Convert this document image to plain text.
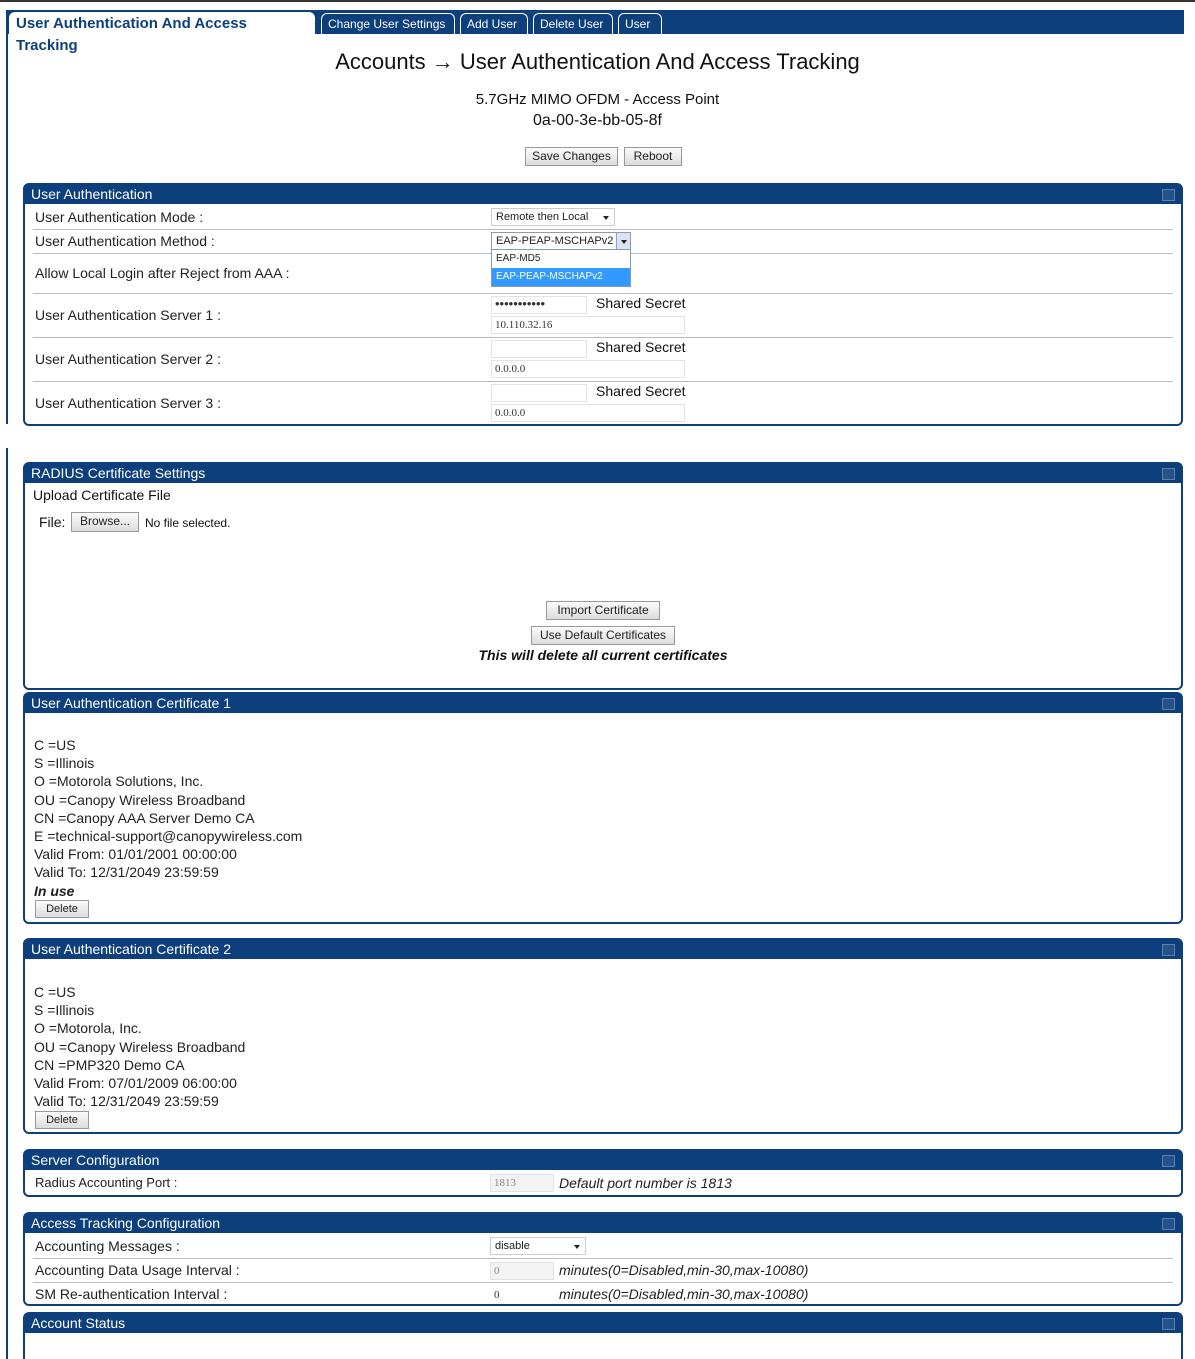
User Authentication And Access Tracking
Change User Settings	Add User	Delete User	User
Accounts → User Authentication And Access Tracking
5.7GHz MIMO OFDM - Access Point
0a-00-3e-bb-05-8f
Save Changes	Reboot
User Authentication
User Authentication Mode :	Remote then Local
User Authentication Method :	EAP-PEAP-MSCHAPv2
Allow Local Login after Reject from AAA :
EAP-MD5
EAP-PEAP-MSCHAPv2
User Authentication Server 1 :
•••••••••••	Shared Secret
10.110.32.16
User Authentication Server 2 :
Shared Secret
0.0.0.0
User Authentication Server 3 :
Shared Secret
0.0.0.0
RADIUS Certificate Settings
Upload Certificate File
File:	Browse...	No file selected.
Import Certificate
Use Default Certificates
This will delete all current certificates
User Authentication Certificate 1
C =US
S =Illinois
O =Motorola Solutions, Inc.
OU =Canopy Wireless Broadband
CN =Canopy AAA Server Demo CA
E =technical-support@canopywireless.com
Valid From: 01/01/2001 00:00:00
Valid To: 12/31/2049 23:59:59
In use
Delete
User Authentication Certificate 2
C =US
S =Illinois
O =Motorola, Inc.
OU =Canopy Wireless Broadband
CN =PMP320 Demo CA
Valid From: 07/01/2009 06:00:00
Valid To: 12/31/2049 23:59:59
Delete
Server Configuration
Radius Accounting Port :	1813	Default port number is 1813
Access Tracking Configuration
Accounting Messages :	disable
Accounting Data Usage Interval :	0	minutes(0=Disabled,min-30,max-10080)
SM Re-authentication Interval :	0	minutes(0=Disabled,min-30,max-10080)
Account Status
